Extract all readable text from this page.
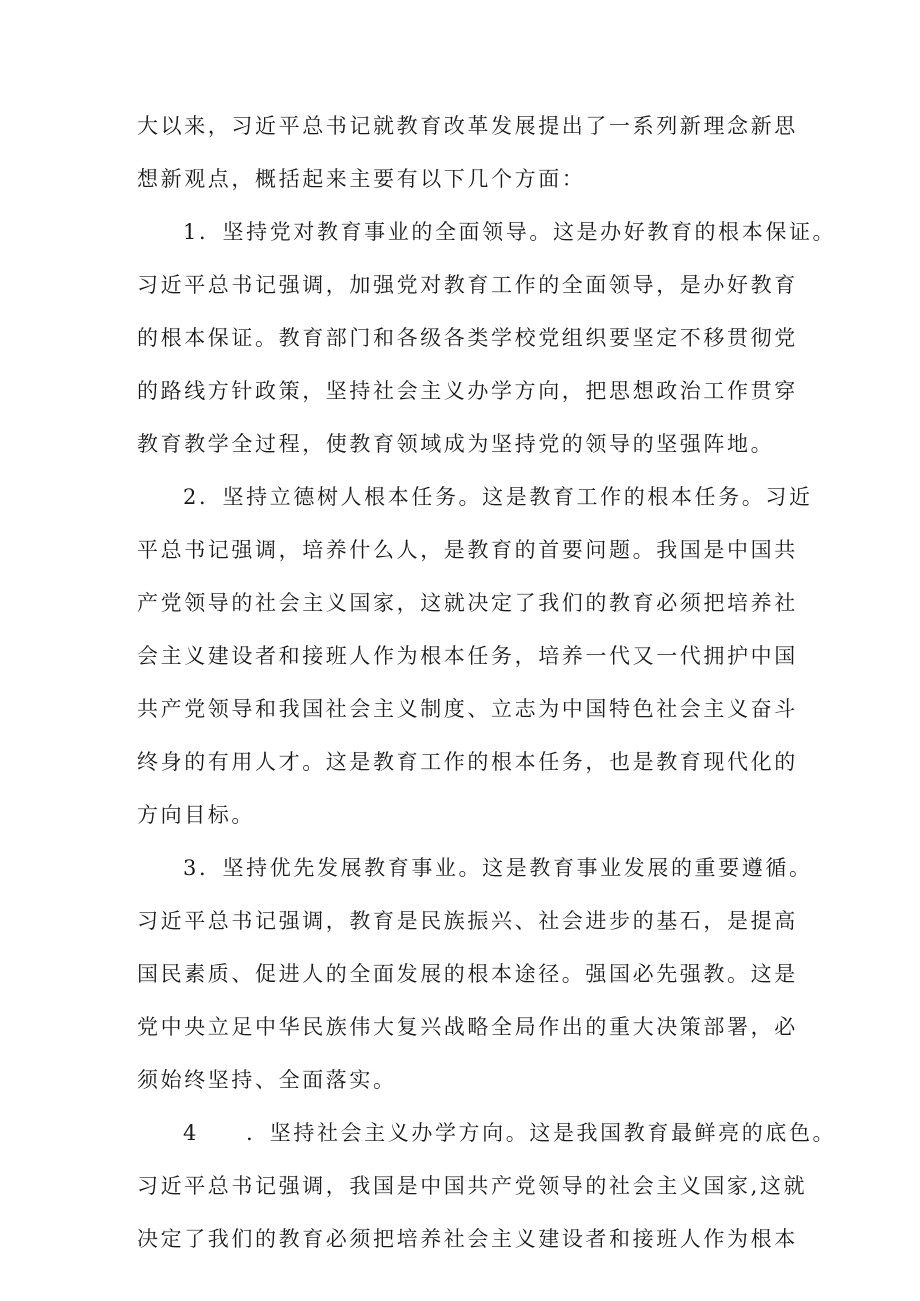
大以来，习近平总书记就教育改革发展提出了一系列新理念新思
想新观点，概括起来主要有以下几个方面：
1．坚持党对教育事业的全面领导。这是办好教育的根本保证。
习近平总书记强调，加强党对教育工作的全面领导，是办好教育
的根本保证。教育部门和各级各类学校党组织要坚定不移贯彻党
的路线方针政策，坚持社会主义办学方向，把思想政治工作贯穿
教育教学全过程，使教育领域成为坚持党的领导的坚强阵地。
2．坚持立德树人根本任务。这是教育工作的根本任务。习近
平总书记强调，培养什么人，是教育的首要问题。我国是中国共
产党领导的社会主义国家，这就决定了我们的教育必须把培养社
会主义建设者和接班人作为根本任务，培养一代又一代拥护中国
共产党领导和我国社会主义制度、立志为中国特色社会主义奋斗
终身的有用人才。这是教育工作的根本任务，也是教育现代化的
方向目标。
3．坚持优先发展教育事业。这是教育事业发展的重要遵循。
习近平总书记强调，教育是民族振兴、社会进步的基石，是提高
国民素质、促进人的全面发展的根本途径。强国必先强教。这是
党中央立足中华民族伟大复兴战略全局作出的重大决策部署，必
须始终坚持、全面落实。
4　　．坚持社会主义办学方向。这是我国教育最鲜亮的底色。
习近平总书记强调，我国是中国共产党领导的社会主义国家,这就
决定了我们的教育必须把培养社会主义建设者和接班人作为根本
